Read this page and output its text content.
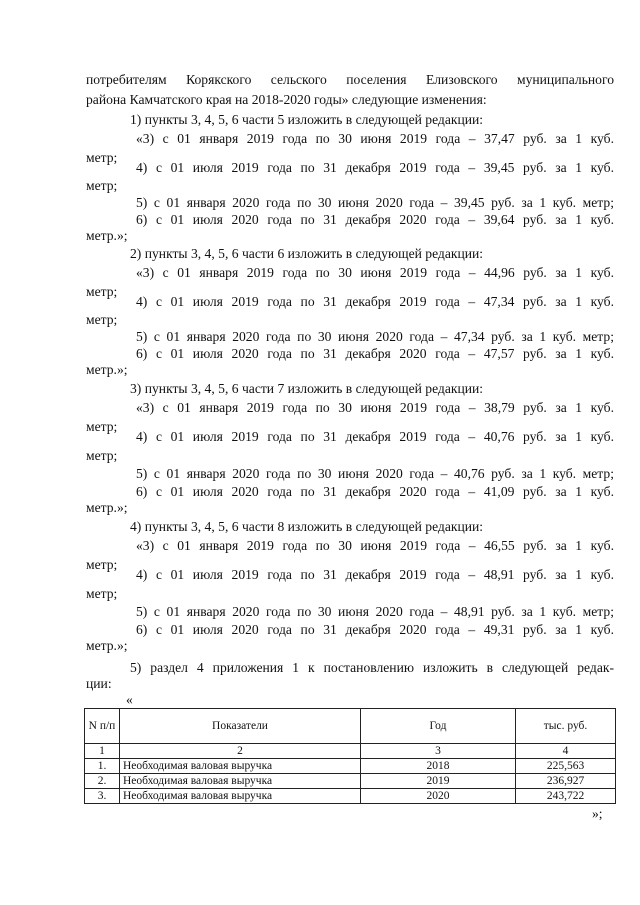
потребителям Корякского сельского поселения Елизовского муниципального
района Камчатского края на 2018-2020 годы» следующие изменения:
1) пункты 3, 4, 5, 6 части 5 изложить в следующей редакции:
«3) с 01 января 2019 года по 30 июня 2019 года – 37,47 руб. за 1 куб.
метр;
4) с 01 июля 2019 года по 31 декабря 2019 года – 39,45 руб. за 1 куб.
метр;
5) с 01 января 2020 года по 30 июня 2020 года – 39,45 руб. за 1 куб. метр;
6) с 01 июля 2020 года по 31 декабря 2020 года – 39,64 руб. за 1 куб.
метр.»;
2) пункты 3, 4, 5, 6 части 6 изложить в следующей редакции:
«3) с 01 января 2019 года по 30 июня 2019 года – 44,96 руб. за 1 куб.
метр;
4) с 01 июля 2019 года по 31 декабря 2019 года – 47,34 руб. за 1 куб.
метр;
5) с 01 января 2020 года по 30 июня 2020 года – 47,34 руб. за 1 куб. метр;
6) с 01 июля 2020 года по 31 декабря 2020 года – 47,57 руб. за 1 куб.
метр.»;
3) пункты 3, 4, 5, 6 части 7 изложить в следующей редакции:
«3) с 01 января 2019 года по 30 июня 2019 года – 38,79 руб. за 1 куб.
метр;
4) с 01 июля 2019 года по 31 декабря 2019 года – 40,76 руб. за 1 куб.
метр;
5) с 01 января 2020 года по 30 июня 2020 года – 40,76 руб. за 1 куб. метр;
6) с 01 июля 2020 года по 31 декабря 2020 года – 41,09 руб. за 1 куб.
метр.»;
4) пункты 3, 4, 5, 6 части 8 изложить в следующей редакции:
«3) с 01 января 2019 года по 30 июня 2019 года – 46,55 руб. за 1 куб.
метр;
4) с 01 июля 2019 года по 31 декабря 2019 года – 48,91 руб. за 1 куб.
метр;
5) с 01 января 2020 года по 30 июня 2020 года – 48,91 руб. за 1 куб. метр;
6) с 01 июля 2020 года по 31 декабря 2020 года – 49,31 руб. за 1 куб.
метр.»;
5) раздел 4 приложения 1 к постановлению изложить в следующей редак-
ции:
«
N п/п	Показатели	Год	тыс. руб.
1	2	3	4
1.	Необходимая валовая выручка	2018	225,563
2.	Необходимая валовая выручка	2019	236,927
3.	Необходимая валовая выручка	2020	243,722
»;
